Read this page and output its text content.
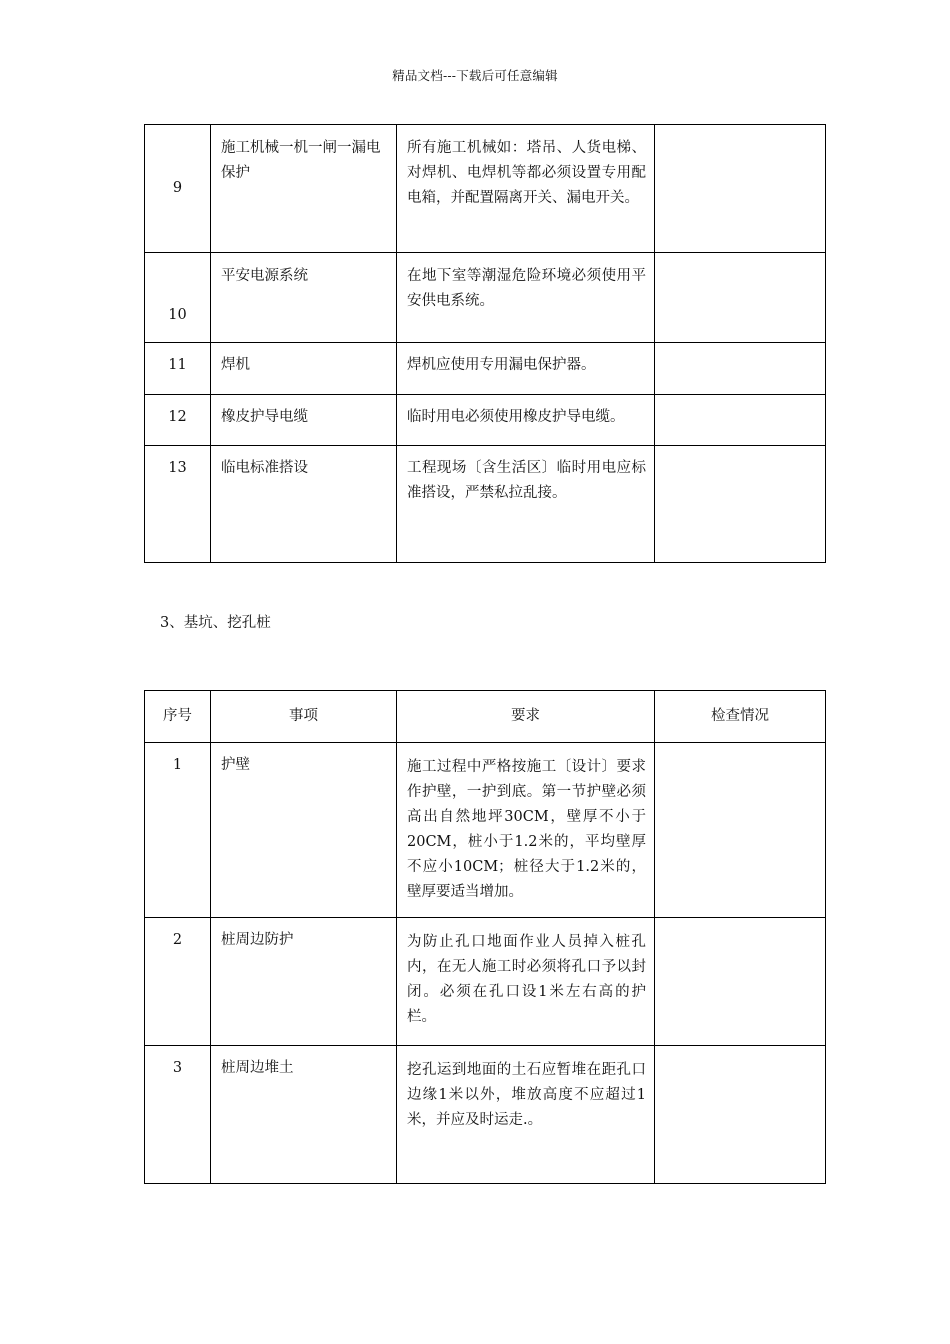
精品文档---下载后可任意编辑
9	施工机械一机一闸一漏电保护	所有施工机械如：塔吊、人货电梯、对焊机、电焊机等都必须设置专用配电箱，并配置隔离开关、漏电开关。	
10	平安电源系统	在地下室等潮湿危险环境必须使用平安供电系统。	
11	焊机	焊机应使用专用漏电保护器。	
12	橡皮护导电缆	临时用电必须使用橡皮护导电缆。	
13	临电标准搭设	工程现场〔含生活区〕临时用电应标准搭设，严禁私拉乱接。	
3、基坑、挖孔桩
序号	事项	要求	检查情况
1	护壁	施工过程中严格按施工〔设计〕要求作护壁，一护到底。第一节护壁必须高出自然地坪30CM，壁厚不小于20CM，桩小于1.2米的，平均壁厚不应小10CM；桩径大于1.2米的，壁厚要适当增加。	
2	桩周边防护	为防止孔口地面作业人员掉入桩孔内，在无人施工时必须将孔口予以封闭。必须在孔口设1米左右高的护栏。	
3	桩周边堆土	挖孔运到地面的土石应暂堆在距孔口边缘1米以外，堆放高度不应超过1米，并应及时运走.。	
